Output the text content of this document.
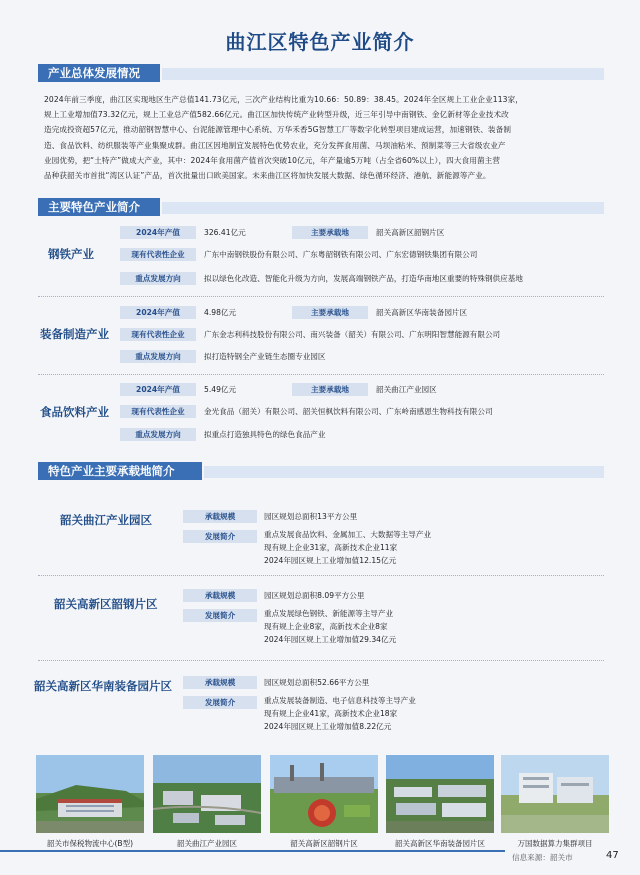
曲江区特色产业简介
产业总体发展情况
2024年前三季度，曲江区实现地区生产总值141.73亿元，三次产业结构比重为10.66：50.89：38.45。2024年全区规上工业企业113家，
规上工业增加值73.32亿元，规上工业总产值582.66亿元。曲江区加快传统产业转型升级，近三年引导中南钢铁、金亿新材等企业技术改
造完成投资超57亿元，推动韶钢智慧中心、台泥能源管理中心系统、万华禾香5G智慧工厂等数字化转型项目建成运营，加速钢铁、装备制
造、食品饮料、纺织服装等产业集聚成群。曲江区因地制宜发展特色优势农业，充分发挥食用菌、马坝油粘米、预制菜等三大省级农业产
业园优势，把“土特产”做成大产业，其中：2024年食用菌产值首次突破10亿元，年产量逾5万吨（占全省60%以上），四大食用菌主营
品种获韶关市首批“湾区认证”产品，首次批量出口欧美国家。未来曲江区将加快发展大数据、绿色循环经济、港航、新能源等产业。
主要特色产业简介
钢铁产业
2024年产值	326.41亿元	主要承载地	韶关高新区韶钢片区
现有代表性企业	广东中南钢铁股份有限公司、广东粤韶钢铁有限公司、广东宏德钢铁集团有限公司
重点发展方向	拟以绿色化改造、智能化升级为方向，发展高端钢铁产品，打造华南地区重要的特殊钢供应基地
装备制造产业
2024年产值	4.98亿元	主要承载地	韶关高新区华南装备园片区
现有代表性企业	广东金志利科技股份有限公司、南兴装备（韶关）有限公司、广东明阳智慧能源有限公司
重点发展方向	拟打造特钢全产业链生态圈专业园区
食品饮料产业
2024年产值	5.49亿元	主要承载地	韶关曲江产业园区
现有代表性企业	金光食品（韶关）有限公司、韶关恒枫饮料有限公司、广东岭南感恩生物科技有限公司
重点发展方向	拟重点打造独具特色的绿色食品产业
特色产业主要承载地简介
韶关曲江产业园区	承载规模	园区规划总面积13平方公里
发展简介	重点发展食品饮料、金属加工、大数据等主导产业
现有规上企业31家，高新技术企业11家
2024年园区规上工业增加值12.15亿元
韶关高新区韶钢片区
承载规模	园区规划总面积8.09平方公里
发展简介	重点发展绿色钢铁、新能源等主导产业
现有规上企业8家，高新技术企业8家
2024年园区规上工业增加值29.34亿元
韶关高新区华南装备园片区	承载规模	园区规划总面积52.66平方公里
发展简介	重点发展装备制造、电子信息科技等主导产业
现有规上企业41家，高新技术企业18家
2024年园区规上工业增加值8.22亿元
韶关市保税物流中心(B型)	韶关曲江产业园区	韶关高新区韶钢片区	韶关高新区华南装备园片区	万国数据算力集群项目
信息来源：韶关市	47
